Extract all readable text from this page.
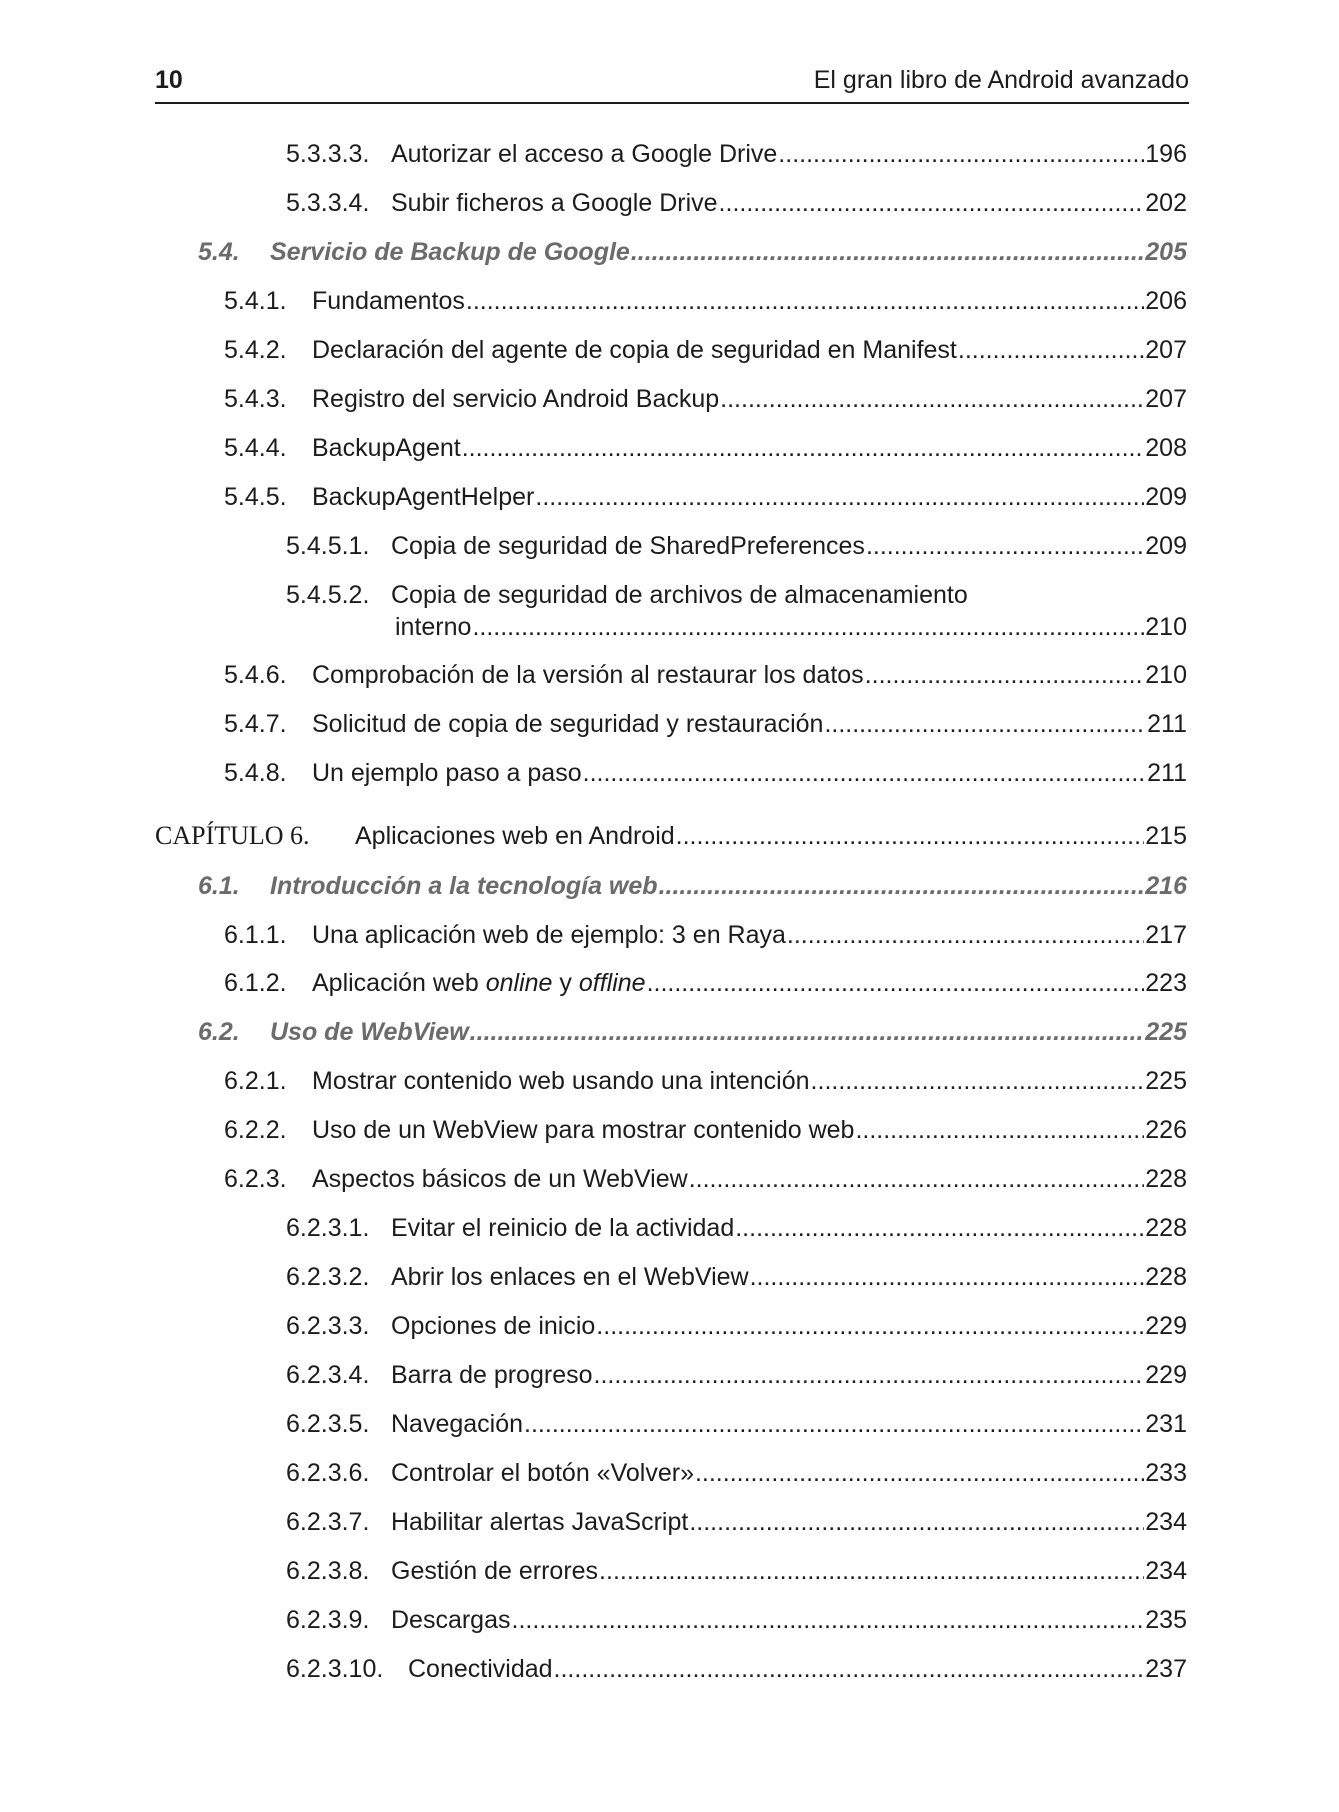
10	El gran libro de Android avanzado
5.3.3.3. Autorizar el acceso a Google Drive .....	196
5.3.3.4. Subir ficheros a Google Drive .....	202
5.4.	Servicio de Backup de Google .....	205
5.4.1.	Fundamentos .....	206
5.4.2.	Declaración del agente de copia de seguridad en Manifest .....	207
5.4.3.	Registro del servicio Android Backup .....	207
5.4.4.	BackupAgent .....	208
5.4.5.	BackupAgentHelper .....	209
5.4.5.1. Copia de seguridad de SharedPreferences .....	209
5.4.5.2. Copia de seguridad de archivos de almacenamiento
interno .....	210
5.4.6.	Comprobación de la versión al restaurar los datos .....	210
5.4.7.	Solicitud de copia de seguridad y restauración .....	211
5.4.8.	Un ejemplo paso a paso .....	211
CAPÍTULO 6.	Aplicaciones web en Android .....	215
6.1.	Introducción a la tecnología web .....	216
6.1.1.	Una aplicación web de ejemplo: 3 en Raya .....	217
6.1.2.	Aplicación web online y offline .....	223
6.2.	Uso de WebView .....	225
6.2.1.	Mostrar contenido web usando una intención .....	225
6.2.2.	Uso de un WebView para mostrar contenido web .....	226
6.2.3.	Aspectos básicos de un WebView .....	228
6.2.3.1. Evitar el reinicio de la actividad .....	228
6.2.3.2. Abrir los enlaces en el WebView .....	228
6.2.3.3. Opciones de inicio .....	229
6.2.3.4. Barra de progreso .....	229
6.2.3.5. Navegación .....	231
6.2.3.6. Controlar el botón «Volver» .....	233
6.2.3.7. Habilitar alertas JavaScript .....	234
6.2.3.8. Gestión de errores .....	234
6.2.3.9. Descargas .....	235
6.2.3.10. Conectividad .....	237
